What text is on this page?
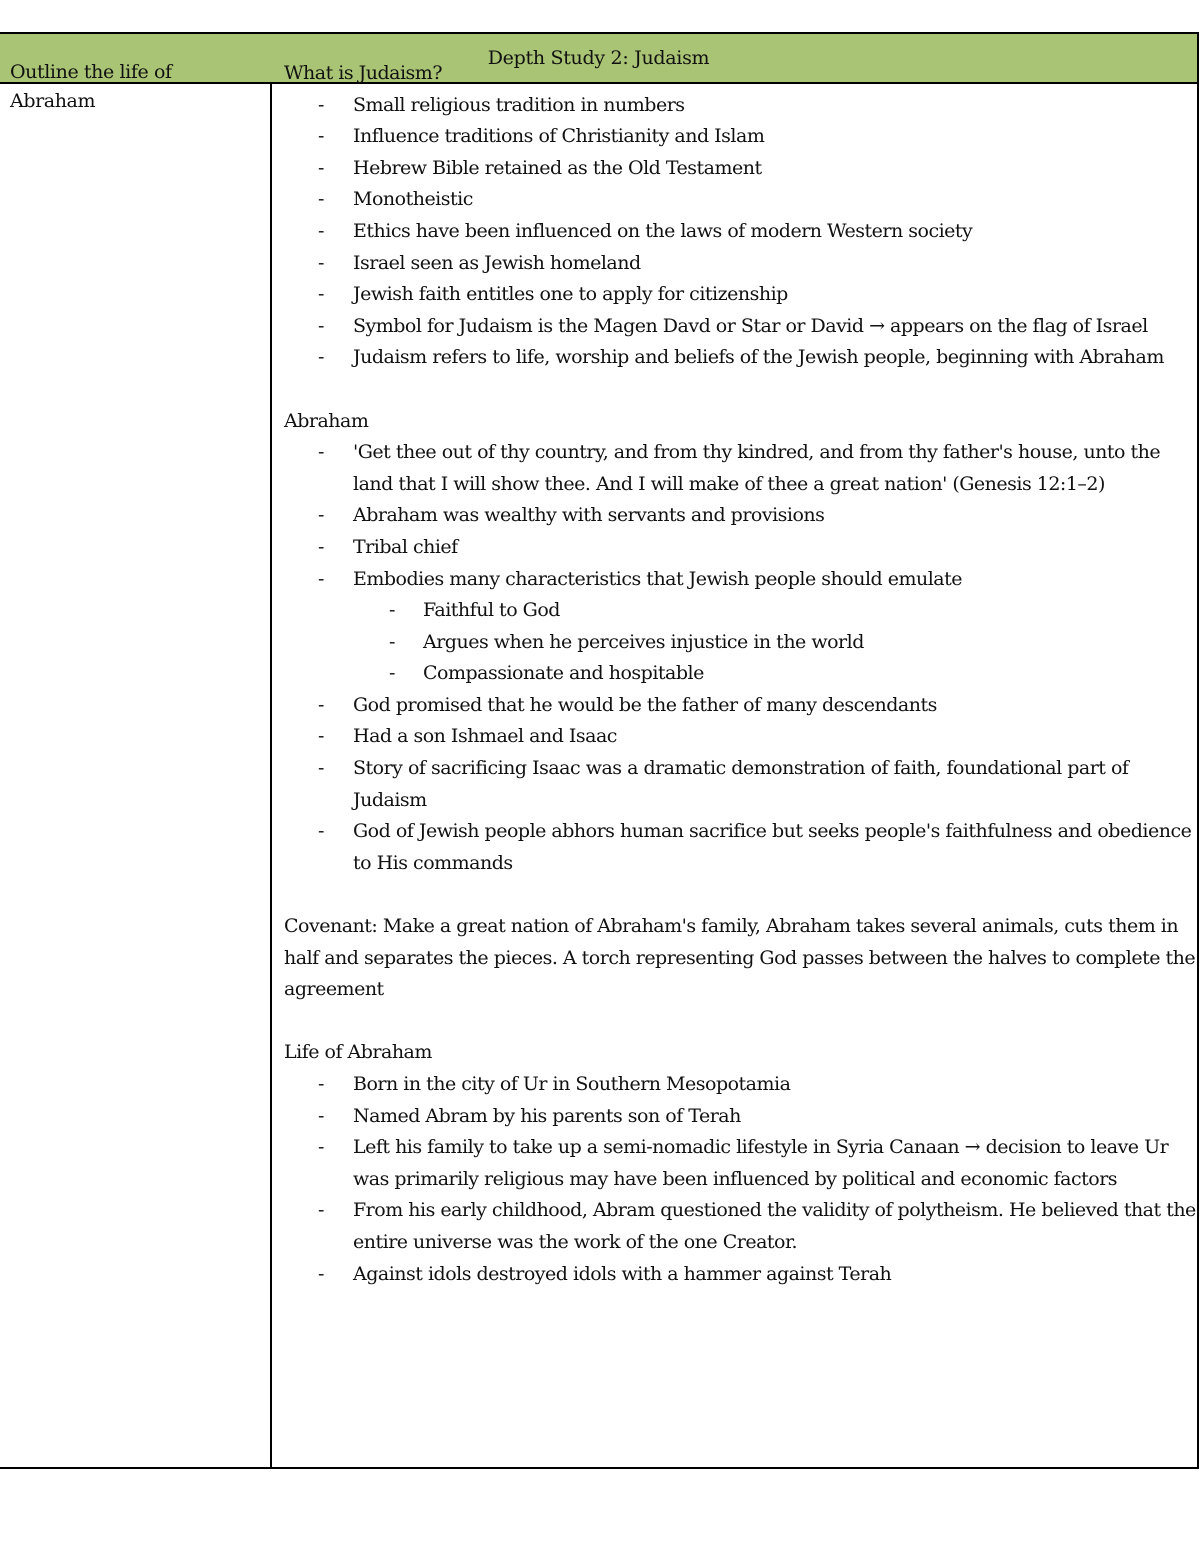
Depth Study 2: Judaism
Outline the life of Abraham

What is Judaism?

- Small religious tradition in numbers
- Influence traditions of Christianity and Islam
- Hebrew Bible retained as the Old Testament
- Monotheistic
- Ethics have been influenced on the laws of modern Western society
- Israel seen as Jewish homeland
- Jewish faith entitles one to apply for citizenship
- Symbol for Judaism is the Magen Davd or Star or David → appears on the flag of Israel
- Judaism refers to life, worship and beliefs of the Jewish people, beginning with Abraham

Abraham

- 'Get thee out of thy country, and from thy kindred, and from thy father's house, unto the land that I will show thee. And I will make of thee a great nation' (Genesis 12:1–2)
- Abraham was wealthy with servants and provisions
- Tribal chief
- Embodies many characteristics that Jewish people should emulate
- Faithful to God
- Argues when he perceives injustice in the world
- Compassionate and hospitable
- God promised that he would be the father of many descendants
- Had a son Ishmael and Isaac
- Story of sacrificing Isaac was a dramatic demonstration of faith, foundational part of Judaism
- God of Jewish people abhors human sacrifice but seeks people's faithfulness and obedience to His commands

Covenant: Make a great nation of Abraham's family, Abraham takes several animals, cuts them in half and separates the pieces. A torch representing God passes between the halves to complete the agreement

Life of Abraham

- Born in the city of Ur in Southern Mesopotamia
- Named Abram by his parents son of Terah
- Left his family to take up a semi-nomadic lifestyle in Syria Canaan → decision to leave Ur was primarily religious may have been influenced by political and economic factors
- From his early childhood, Abram questioned the validity of polytheism. He believed that the entire universe was the work of the one Creator.
- Against idols destroyed idols with a hammer against Terah
